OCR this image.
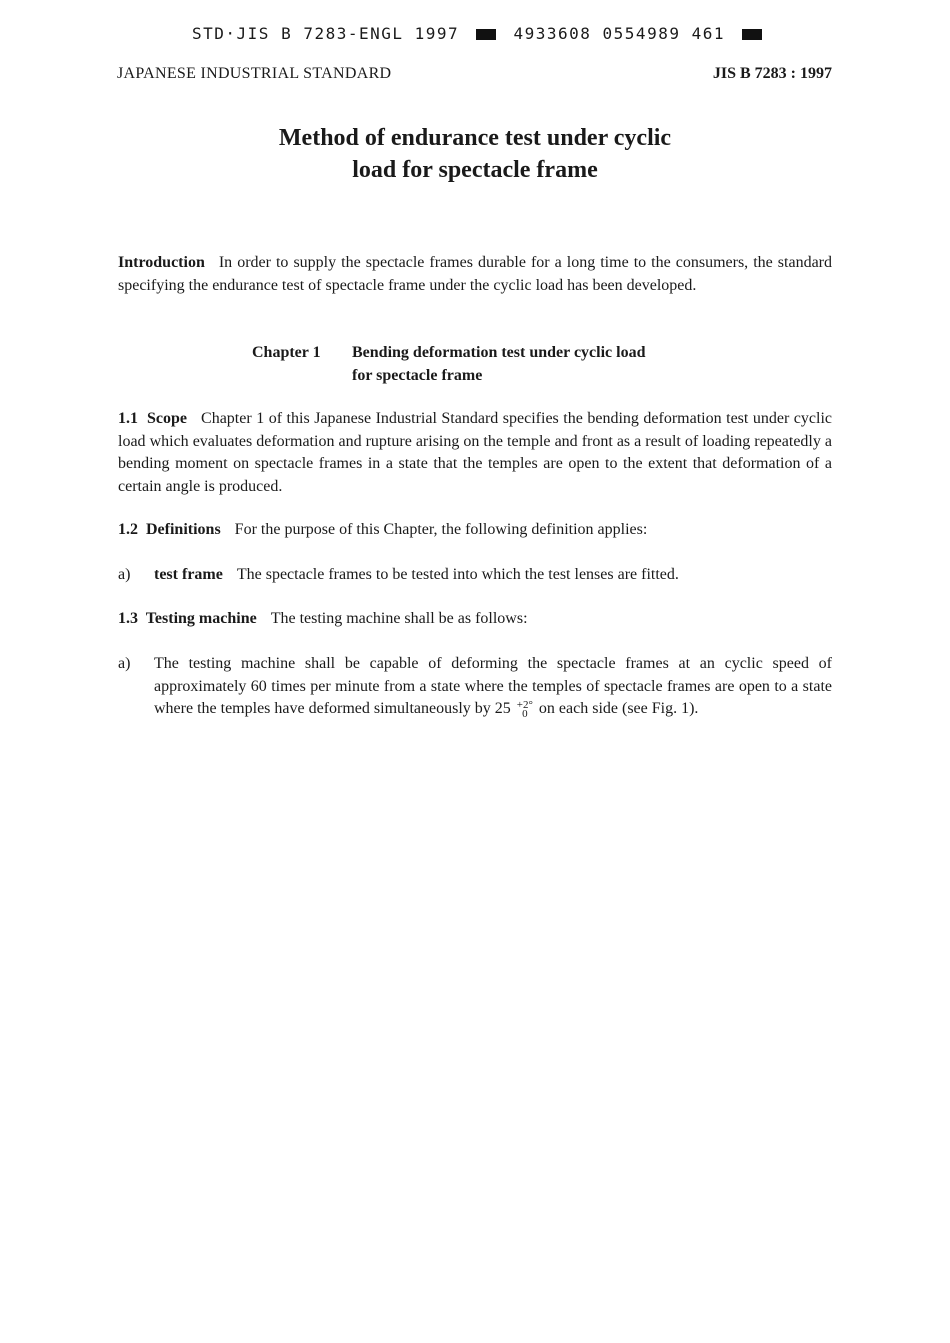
STD·JIS B 7283-ENGL 1997	4933608 0554989 461
JAPANESE INDUSTRIAL STANDARD	JIS B 7283 : 1997
Method of endurance test under cyclic
load for spectacle frame
Introduction In order to supply the spectacle frames durable for a long time to the consumers, the standard specifying the endurance test of spectacle frame under the cyclic load has been developed.
Chapter 1 Bending deformation test under cyclic load
for spectacle frame
1.1  Scope Chapter 1 of this Japanese Industrial Standard specifies the bending deformation test under cyclic load which evaluates deformation and rupture arising on the temple and front as a result of loading repeatedly a bending moment on spectacle frames in a state that the temples are open to the extent that deformation of a certain angle is produced.
1.2  Definitions For the purpose of this Chapter, the following definition applies:
a) test frame The spectacle frames to be tested into which the test lenses are fitted.
1.3  Testing machine The testing machine shall be as follows:
a) The testing machine shall be capable of deforming the spectacle frames at an cyclic speed of approximately 60 times per minute from a state where the temples of spectacle frames are open to a state where the temples have deformed simultaneously by 25 +2°
0 on each side (see Fig. 1).
